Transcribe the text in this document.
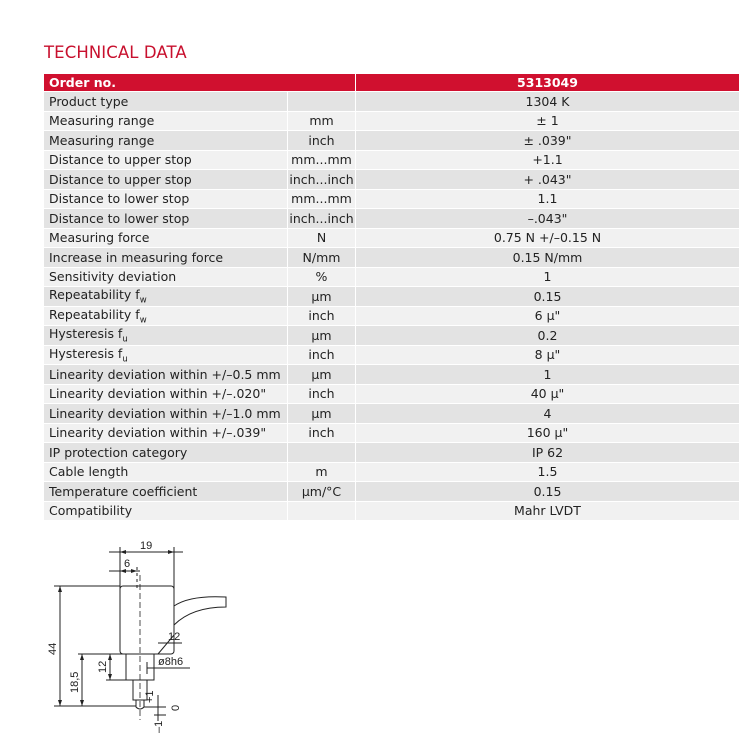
TECHNICAL DATA
Order no.		5313049
Product type		1304 K
Measuring range	mm	± 1
Measuring range	inch	± .039"
Distance to upper stop	mm...mm	+1.1
Distance to upper stop	inch...inch	+ .043"
Distance to lower stop	mm...mm	1.1
Distance to lower stop	inch...inch	–.043"
Measuring force	N	0.75 N +/–0.15 N
Increase in measuring force	N/mm	0.15 N/mm
Sensitivity deviation	%	1
Repeatability $f_w$	µm	0.15
Repeatability $f_w$	inch	6 µ"
Hysteresis $f_u$	µm	0.2
Hysteresis $f_u$	inch	8 µ"
Linearity deviation within +/–0.5 mm	µm	1
Linearity deviation within +/–.020"	inch	40 µ"
Linearity deviation within +/–1.0 mm	µm	4
Linearity deviation within +/–.039"	inch	160 µ"
IP protection category		IP 62
Cable length	m	1.5
Temperature coefficient	µm/°C	0.15
Compatibility		Mahr LVDT
19
6
44
18,5
12
12
ø8h6
+1
–1
0
